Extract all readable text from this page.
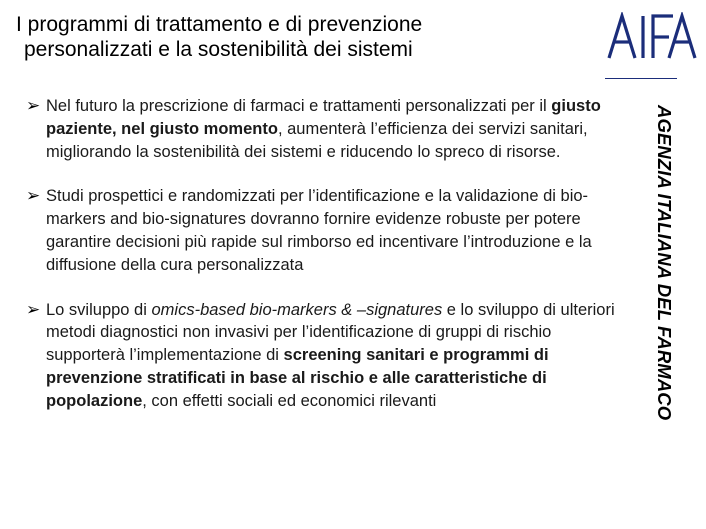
I programmi di trattamento e di prevenzione
personalizzati e la sostenibilità dei sistemi
AGENZIA ITALIANA DEL FARMACO
➢ Nel futuro la prescrizione di farmaci e trattamenti personalizzati per il giusto paziente, nel giusto momento, aumenterà l’efficienza dei servizi sanitari, migliorando la sostenibilità dei sistemi e riducendo lo spreco di risorse.
➢ Studi prospettici e randomizzati per l’identificazione e la validazione di bio-markers and bio-signatures dovranno fornire evidenze robuste per potere garantire decisioni più rapide sul rimborso ed incentivare l’introduzione e la diffusione della cura personalizzata
➢ Lo sviluppo di omics-based bio-markers & –signatures e lo sviluppo di ulteriori metodi diagnostici non invasivi per l’identificazione di gruppi di rischio supporterà l’implementazione di screening sanitari e programmi di prevenzione stratificati in base al rischio e alle caratteristiche di popolazione, con effetti sociali ed economici rilevanti
